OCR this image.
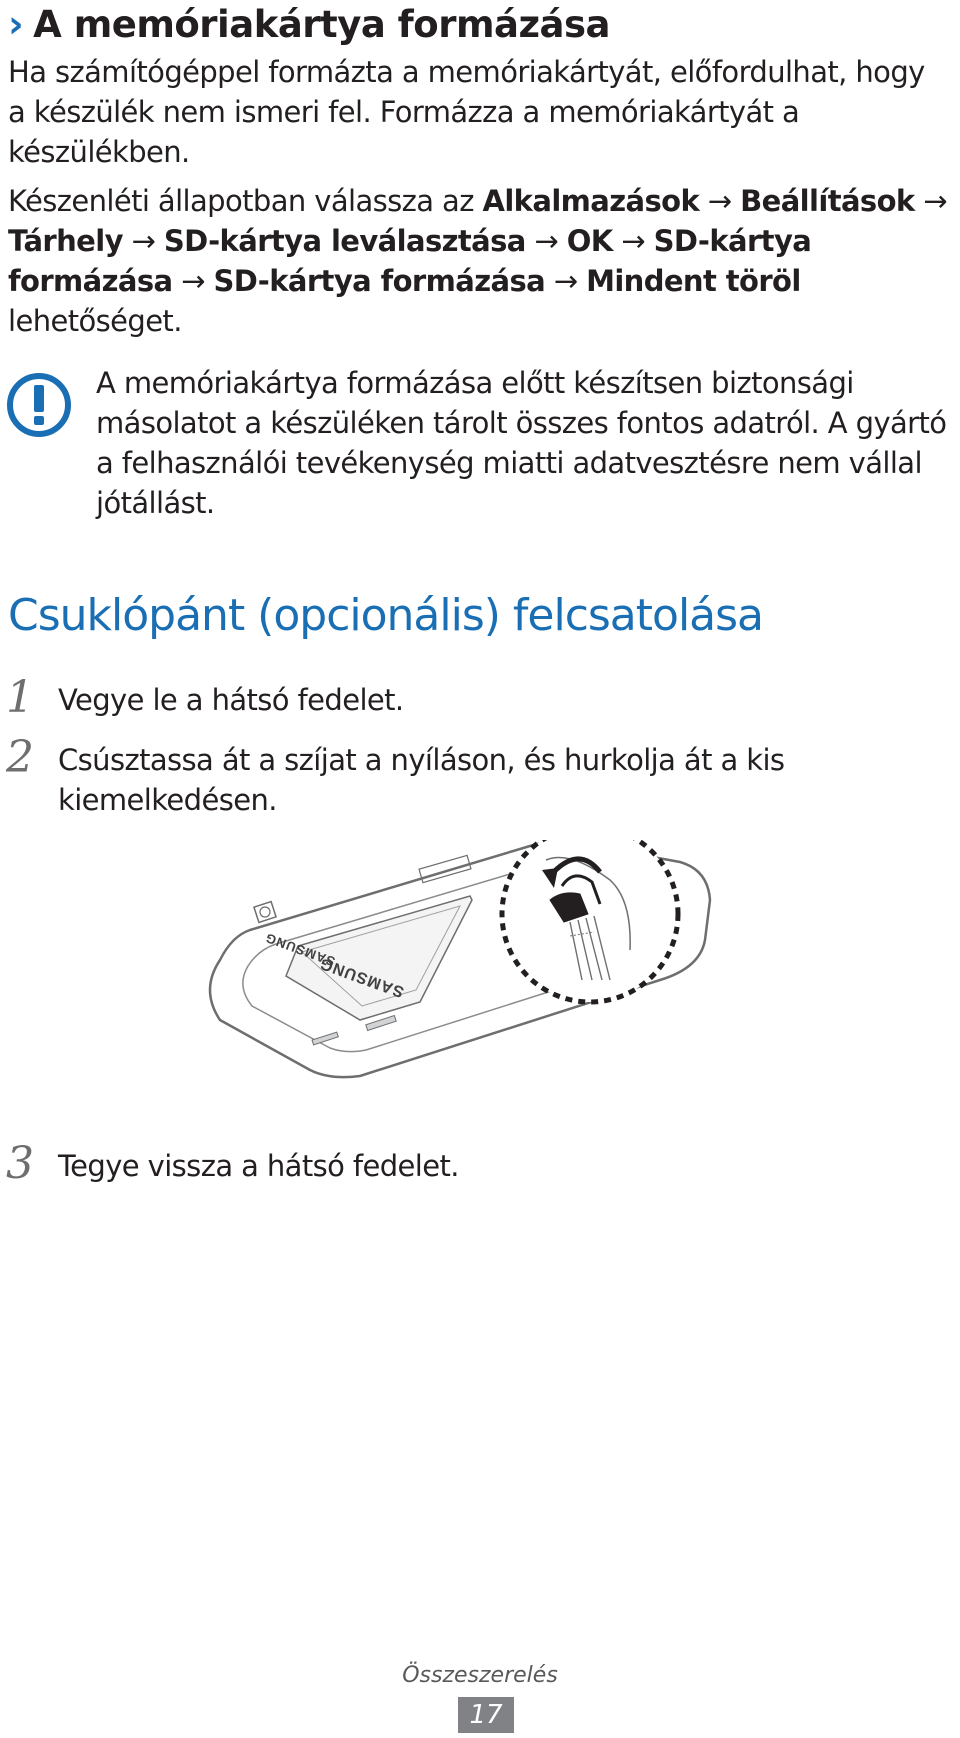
› A memóriakártya formázása
Ha számítógéppel formázta a memóriakártyát, előfordulhat, hogy a készülék nem ismeri fel. Formázza a memóriakártyát a készülékben.
Készenléti állapotban válassza az Alkalmazások → Beállítások → Tárhely → SD-kártya leválasztása → OK → SD-kártya formázása → SD-kártya formázása → Mindent töröl lehetőséget.
A memóriakártya formázása előtt készítsen biztonsági másolatot a készüléken tárolt összes fontos adatról. A gyártó a felhasználói tevékenység miatti adatvesztésre nem vállal jótállást.
Csuklópánt (opcionális) felcsatolása
1 Vegye le a hátsó fedelet.
2 Csúsztassa át a szíjat a nyíláson, és hurkolja át a kis kiemelkedésen.
SAMSUNG
SAMSUNG
3 Tegye vissza a hátsó fedelet.
Összeszerelés
17
